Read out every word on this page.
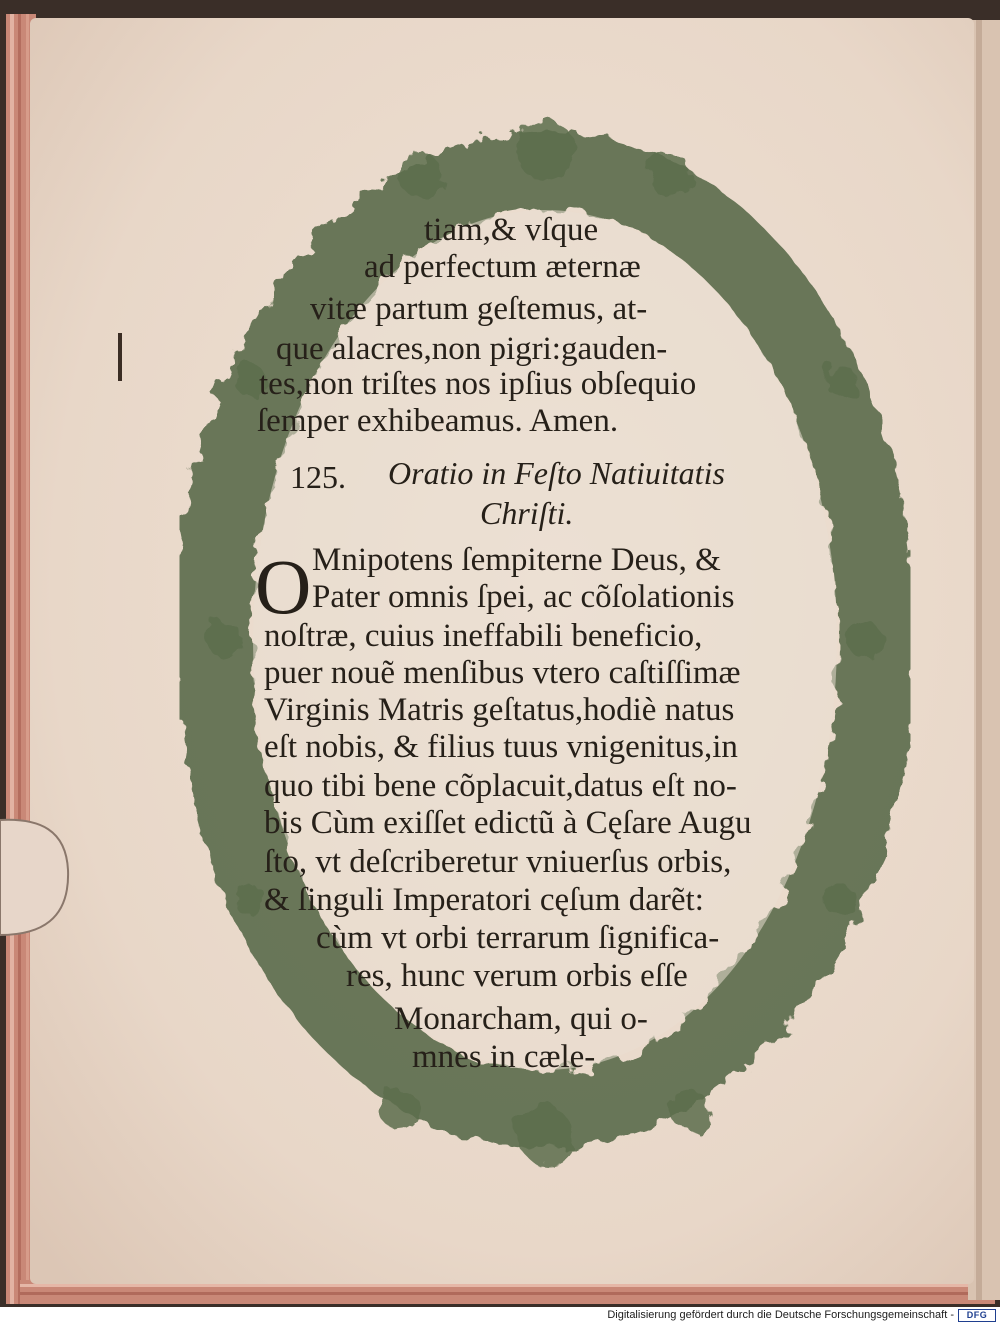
tiam,& vſque
ad perfectum æternæ
vitæ partum geſtemus, at-
que alacres,non pigri:gauden-
tes,non triſtes nos ipſius obſequio
ſemper exhibeamus. Amen.
125. Oratio in Feſto Natiuitatis
Chriſti.
O Mnipotens ſempiterne Deus, &
Pater omnis ſpei, ac cõſolationis
noſtræ, cuius ineffabili beneficio,
puer nouẽ menſibus vtero caſtiſſimæ
Virginis Matris geſtatus,hodiè natus
eſt nobis, & filius tuus vnigenitus,in
quo tibi bene cõplacuit,datus eſt no-
bis Cùm exiſſet edictũ à Cęſare Augu
ſto, vt deſcriberetur vniuerſus orbis,
& ſinguli Imperatori cęſum darẽt:
cùm vt orbi terrarum ſignifica-
res, hunc verum orbis eſſe
Monarcham, qui o-
mnes in cæle-
Digitalisierung gefördert durch die Deutsche Forschungsgemeinschaft -	DFG
